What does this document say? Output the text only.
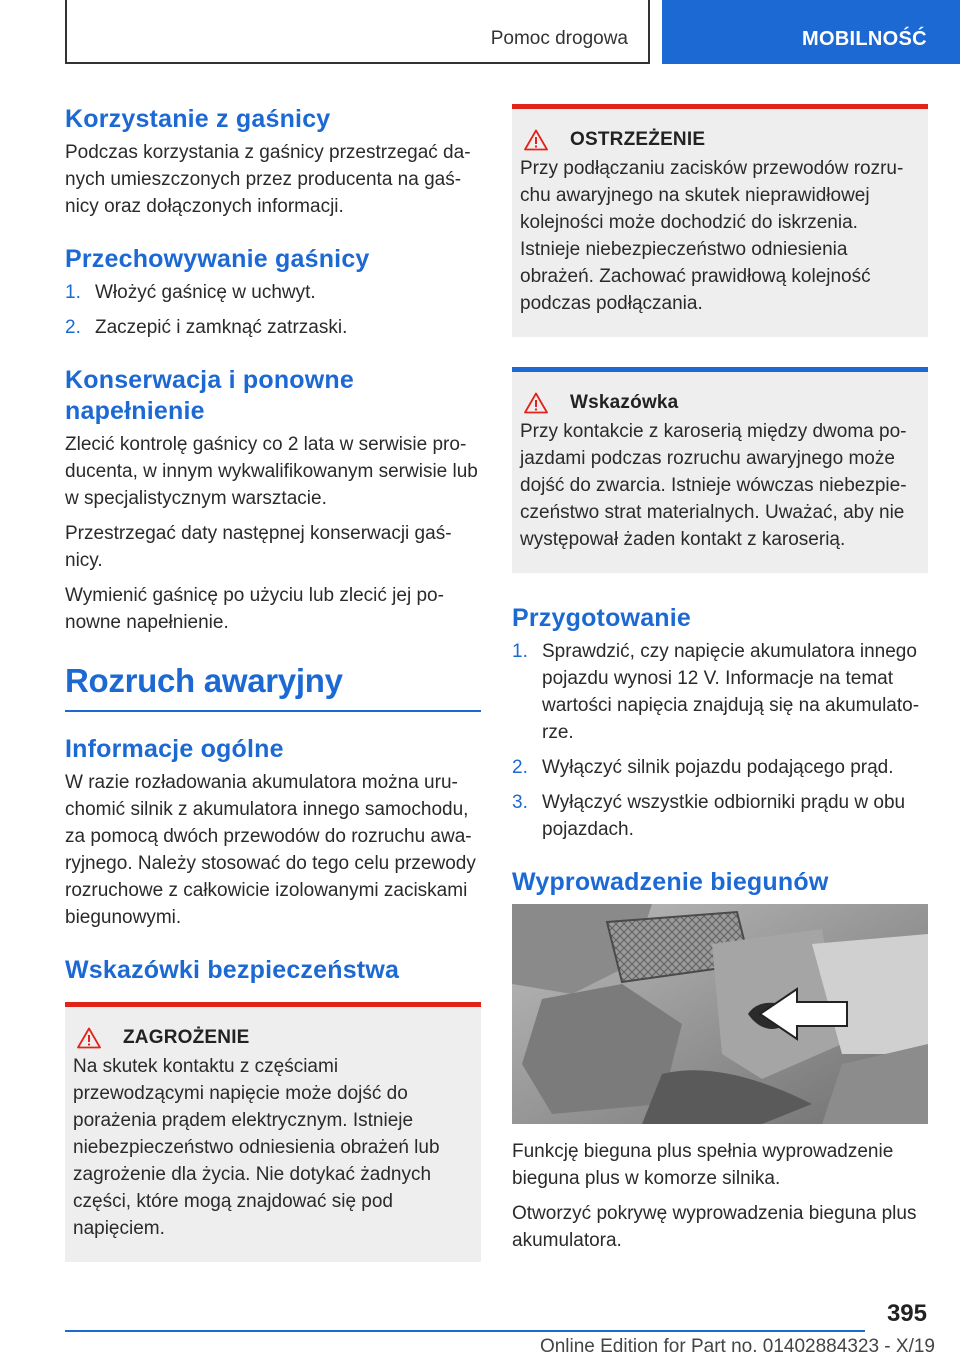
Pomoc drogowa	MOBILNOŚĆ
Korzystanie z gaśnicy

Podczas korzystania z gaśnicy przestrzegać danych umieszczonych przez producenta na gaśnicy oraz dołączonych informacji.

Przechowywanie gaśnicy
1. Włożyć gaśnicę w uchwyt.
2. Zaczepić i zamknąć zatrzaski.
Konserwacja i ponowne napełnienie

Zlecić kontrolę gaśnicy co 2 lata w serwisie producenta, w innym wykwalifikowanym serwisie lub w specjalistycznym warsztacie.

Przestrzegać daty następnej konserwacji gaśnicy.

Wymienić gaśnicę po użyciu lub zlecić jej ponowne napełnienie.

Rozruch awaryjny
Informacje ogólne

W razie rozładowania akumulatora można uruchomić silnik z akumulatora innego samochodu, za pomocą dwóch przewodów do rozruchu awaryjnego. Należy stosować do tego celu przewody rozruchowe z całkowicie izolowanymi zaciskami biegunowymi.

Wskazówki bezpieczeństwa
ZAGROŻENIE

Na skutek kontaktu z częściami przewodzącymi napięcie może dojść do porażenia prądem elektrycznym. Istnieje niebezpieczeństwo odniesienia obrażeń lub zagrożenie dla życia. Nie dotykać żadnych części, które mogą znajdować się pod napięciem.

OSTRZEŻENIE

Przy podłączaniu zacisków przewodów rozruchu awaryjnego na skutek nieprawidłowej kolejności może dochodzić do iskrzenia. Istnieje niebezpieczeństwo odniesienia obrażeń. Zachować prawidłową kolejność podczas podłączania.

Wskazówka

Przy kontakcie z karoserią między dwoma pojazdami podczas rozruchu awaryjnego może dojść do zwarcia. Istnieje wówczas niebezpieczeństwo strat materialnych. Uważać, aby nie występował żaden kontakt z karoserią.

Przygotowanie
1. Sprawdzić, czy napięcie akumulatora innego pojazdu wynosi 12 V. Informacje na temat wartości napięcia znajdują się na akumulatorze.
2. Wyłączyć silnik pojazdu podającego prąd.
3. Wyłączyć wszystkie odbiorniki prądu w obu pojazdach.
Wyprowadzenie biegunów

Funkcję bieguna plus spełnia wyprowadzenie bieguna plus w komorze silnika.

Otworzyć pokrywę wyprowadzenia bieguna plus akumulatora.

395
Online Edition for Part no. 01402884323 - X/19
